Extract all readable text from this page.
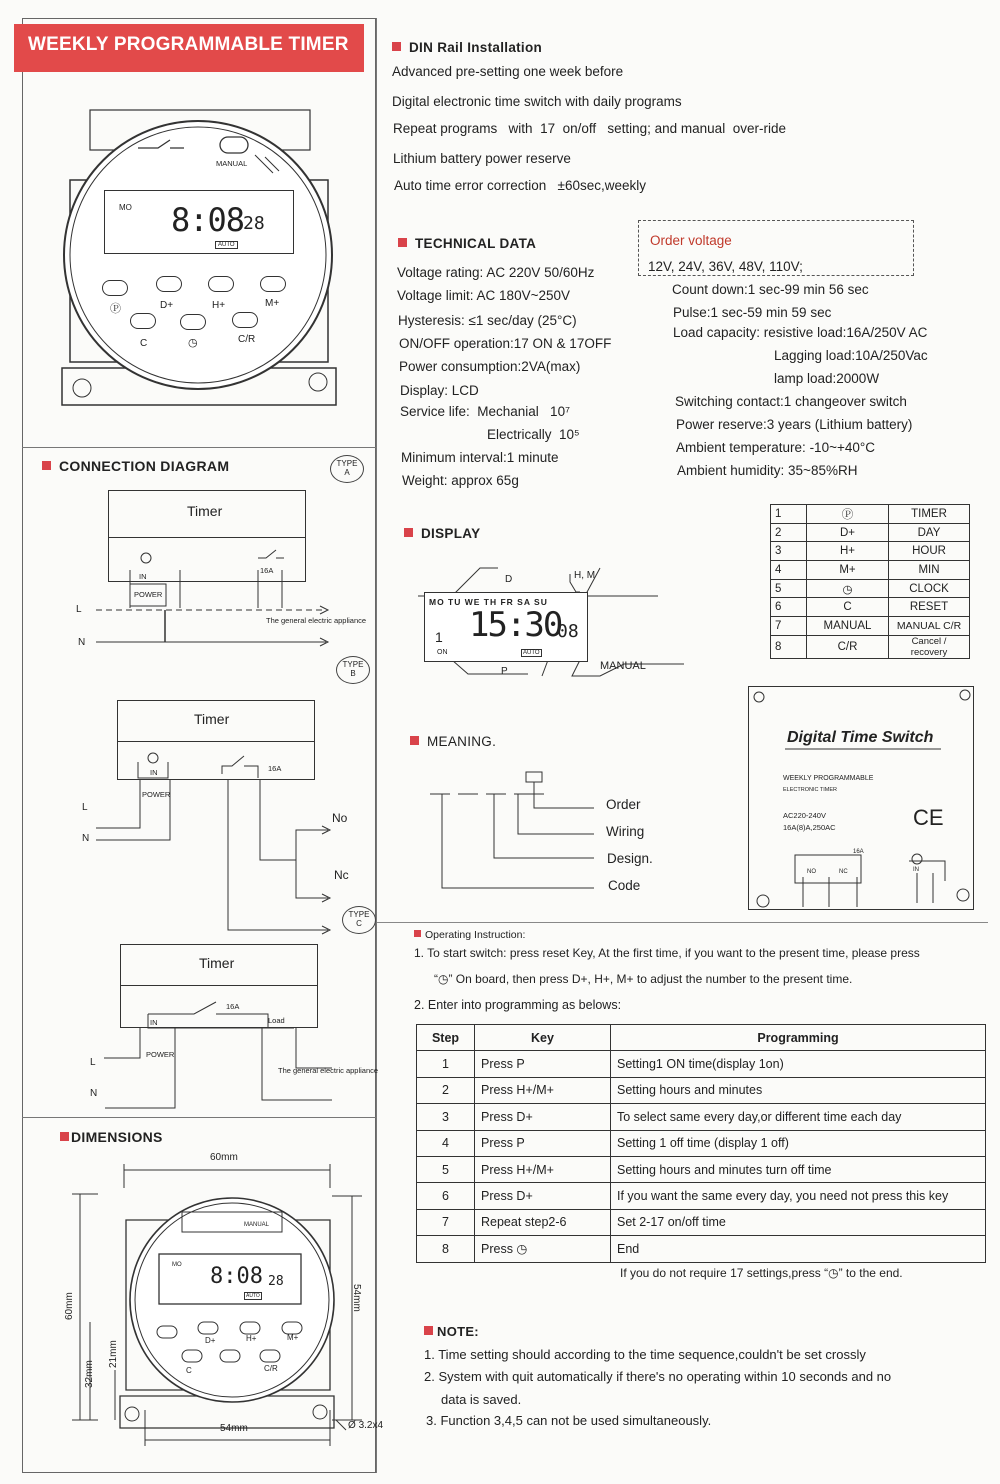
WEEKLY PROGRAMMABLE TIMER
MANUAL
MO 8:08
28
AUTO
Ⓟ	D+	H+	M+
C	◷	C/R
CONNECTION DIAGRAM	TYPE
A
Timer
IN
16A
POWER
The general electric appliance
L
N
TYPE
B
Timer
IN	16A
POWER
L
N
No
Nc
TYPE
C
Timer
IN
16A
Load
POWER
The general electric appliance
L
N
DIMENSIONS
60mm
60mm
32mm
21mm
54mm
54mm	Ø 3.2x4
MO 8:08 28
AUTO
MANUAL
D+	H+	M+
C	C/R
DIN Rail Installation
Advanced pre-setting one week before
Digital electronic time switch with daily programs
Repeat programs   with  17  on/off   setting; and manual  over-ride
Lithium battery power reserve
Auto time error correction   ±60sec,weekly
TECHNICAL DATA	Order voltage
12V, 24V, 36V, 48V, 110V;
Voltage rating: AC 220V 50/60Hz
Voltage limit: AC 180V~250V
Hysteresis: ≤1 sec/day (25°C)
ON/OFF operation:17 ON & 17OFF
Power consumption:2VA(max)
Display: LCD
Service life:  Mechanial   10⁷
Electrically  10⁵
Minimum interval:1 minute
Weight: approx 65g
Count down:1 sec-99 min 56 sec
Pulse:1 sec-59 min 59 sec
Load capacity: resistive load:16A/250V AC
Lagging load:10A/250Vac
lamp load:2000W
Switching contact:1 changeover switch
Power reserve:3 years (Lithium battery)
Ambient temperature: -10~+40°C
Ambient humidity: 35~85%RH
DISPLAY
D	H, M
MO TU WE TH FR SA SU
1
ON
15:30
08
AUTO
P	MANUAL
1	Ⓟ	TIMER
2	D+	DAY
3	H+	HOUR
4	M+	MIN
5	◷	CLOCK
6	C	RESET
7	MANUAL	MANUAL C/R
8	C/R	Cancel / recovery
MEANING.
Order
Wiring
Design.
Code
Digital Time Switch
WEEKLY PROGRAMMABLE
ELECTRONIC TIMER
AC220-240V
16A(8)A,250AC	CE
16A
NO	NC	IN
Operating Instruction:
1. To start switch: press reset Key, At the first time, if you want to the present time, please press
“◷” On board, then press D+, H+, M+ to adjust the number to the present time.
2. Enter into programming as belows:
Step	Key	Programming
1	Press P	Setting1 ON time(display 1on)
2	Press H+/M+	Setting hours and minutes
3	Press D+	To select same every day,or different time each day
4	Press P	Setting 1 off time (display 1 off)
5	Press H+/M+	Setting hours and minutes turn off time
6	Press D+	If you want the same every day, you need not press this key
7	Repeat step2-6	Set 2-17 on/off time
8	Press ◷	End
If you do not require 17 settings,press “◷” to the end.
NOTE:
1. Time setting should according to the time sequence,couldn't be set crossly
2. System with quit automatically if there's no operating within 10 seconds and no
data is saved.
3. Function 3,4,5 can not be used simultaneously.
